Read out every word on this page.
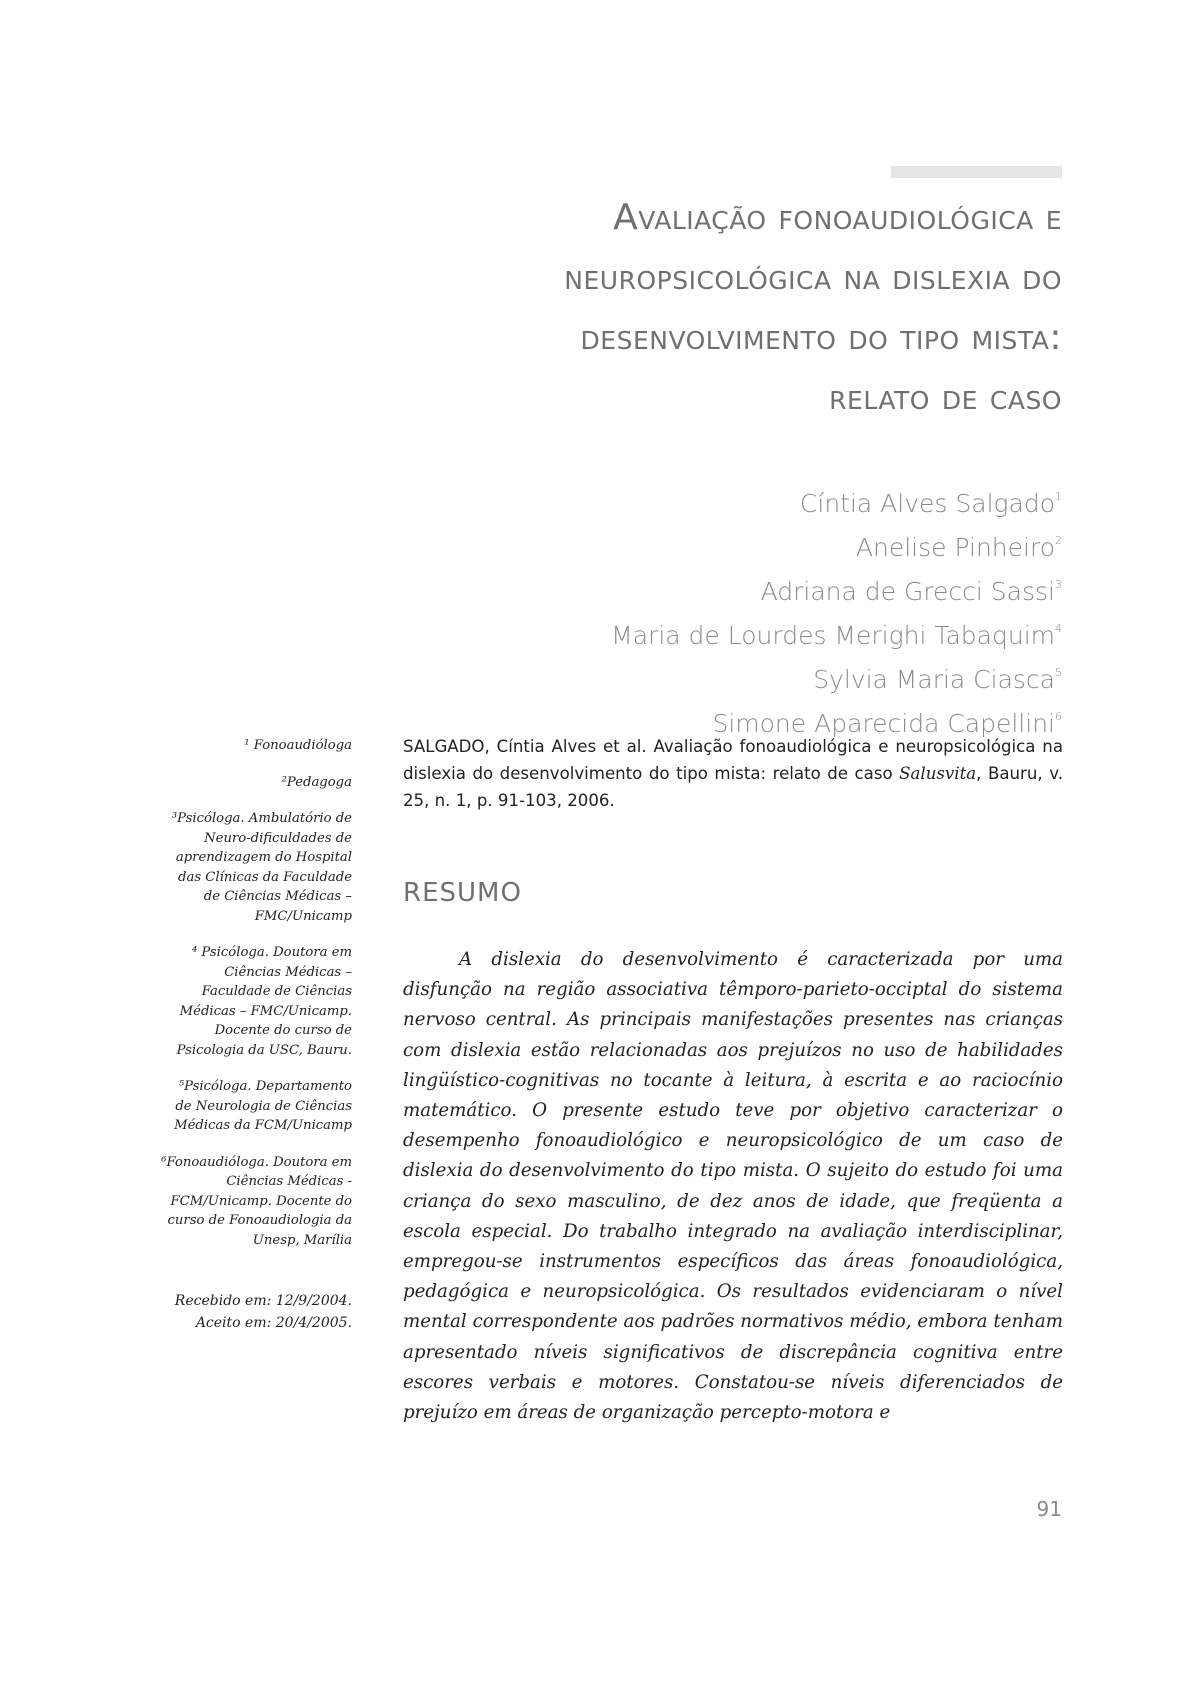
Avaliação fonoaudiológica e
neuropsicológica na dislexia do
desenvolvimento do tipo mista:
relato de caso
Cíntia Alves Salgado$^1$
Anelise Pinheiro$^2$
Adriana de Grecci Sassi$^3$
Maria de Lourdes Merighi Tabaquim$^4$
Sylvia Maria Ciasca$^5$
Simone Aparecida Capellini$^6$

¹ Fonoaudióloga

²Pedagoga

³Psicóloga. Ambulatório de Neuro-dificuldades de aprendizagem do Hospital das Clínicas da Faculdade de Ciências Médicas – FMC/Unicamp

⁴ Psicóloga. Doutora em Ciências Médicas – Faculdade de Ciências Médicas – FMC/Unicamp. Docente do curso de Psicologia da USC, Bauru.

⁵Psicóloga. Departamento de Neurologia de Ciências Médicas da FCM/Unicamp

⁶Fonoaudióloga. Doutora em Ciências Médicas - FCM/Unicamp. Docente do curso de Fonoaudiologia da Unesp, Marília

Recebido em: 12/9/2004.
Aceito em: 20/4/2005.

SALGADO, Cíntia Alves et al. Avaliação fonoaudiológica e neuropsicológica na dislexia do desenvolvimento do tipo mista: relato de caso Salusvita, Bauru, v. 25, n. 1, p. 91-103, 2006.

RESUMO

A dislexia do desenvolvimento é caracterizada por uma disfunção na região associativa têmporo-parieto-occiptal do sistema nervoso central. As principais manifestações presentes nas crianças com dislexia estão relacionadas aos prejuízos no uso de habilidades lingüístico-cognitivas no tocante à leitura, à escrita e ao raciocínio matemático. O presente estudo teve por objetivo caracterizar o desempenho fonoaudiológico e neuropsicológico de um caso de dislexia do desenvolvimento do tipo mista. O sujeito do estudo foi uma criança do sexo masculino, de dez anos de idade, que freqüenta a escola especial. Do trabalho integrado na avaliação interdisciplinar, empregou-se instrumentos específicos das áreas fonoaudiológica, pedagógica e neuropsicológica. Os resultados evidenciaram o nível mental correspondente aos padrões normativos médio, embora tenham apresentado níveis significativos de discrepância cognitiva entre escores verbais e motores. Constatou-se níveis diferenciados de prejuízo em áreas de organização percepto-motora e

91
